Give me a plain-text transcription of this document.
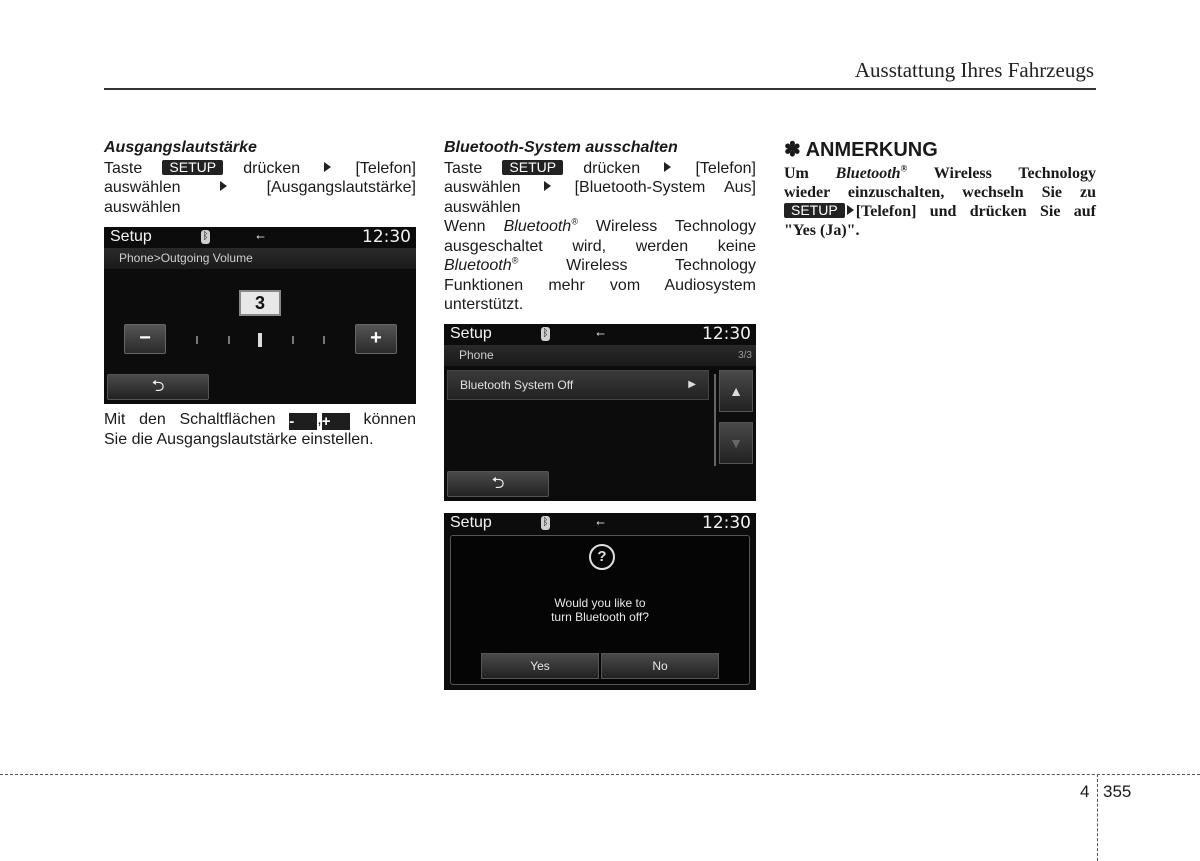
Ausstattung Ihres Fahrzeugs
Ausgangslautstärke
Taste SETUP drücken	[Telefon]
auswählen	[Ausgangslautstärke]
auswählen
Setup	ᛒ	⭠	12:30
Phone>Outgoing Volume
3
−	+
⮌
Mit den Schaltflächen - ,+ können
Sie die Ausgangslautstärke einstellen.
Bluetooth-System ausschalten
Taste SETUP drücken	[Telefon]
auswählen	[Bluetooth-System Aus]
auswählen
Wenn Bluetooth® Wireless Technology
ausgeschaltet wird, werden keine
Bluetooth®	Wireless Technology
Funktionen mehr vom Audiosystem
unterstützt.
Setup	ᛒ	⭠	12:30
Phone	3/3
Bluetooth System Off	▶	▲
▼
⮌
Setup	ᛒ	⭠	12:30
?
Would you like to
turn Bluetooth off?
Yes	No
✽ ANMERKUNG
Um Bluetooth® Wireless Technology
wieder einzuschalten, wechseln Sie zu
SETUP [Telefon] und drücken Sie auf
"Yes (Ja)".
4 355
